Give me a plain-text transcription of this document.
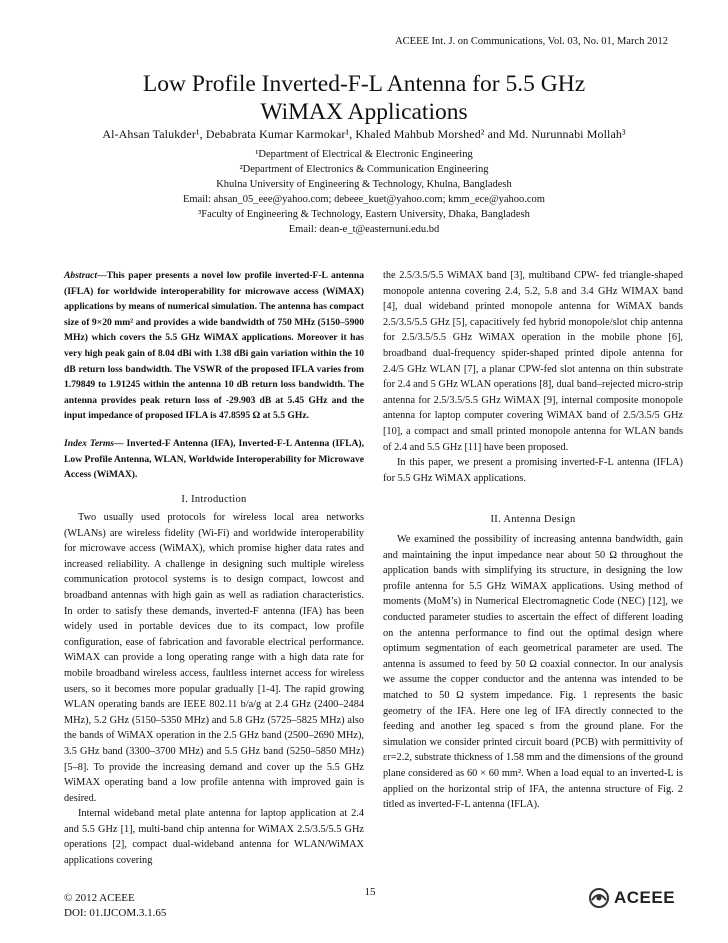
ACEEE Int. J. on Communications, Vol. 03, No. 01, March 2012
Low Profile Inverted-F-L Antenna for 5.5 GHz
WiMAX Applications
Al-Ahsan Talukder¹, Debabrata Kumar Karmokar¹, Khaled Mahbub Morshed² and Md. Nurunnabi Mollah³
¹Department of Electrical & Electronic Engineering
²Department of Electronics & Communication Engineering
Khulna University of Engineering & Technology, Khulna, Bangladesh
Email: ahsan_05_eee@yahoo.com; debeee_kuet@yahoo.com; kmm_ece@yahoo.com
³Faculty of Engineering & Technology, Eastern University, Dhaka, Bangladesh
Email: dean-e_t@easternuni.edu.bd
Abstract—This paper presents a novel low profile inverted-F-L antenna (IFLA) for worldwide interoperability for microwave access (WiMAX) applications by means of numerical simulation. The antenna has compact size of 9×20 mm² and provides a wide bandwidth of 750 MHz (5150–5900 MHz) which covers the 5.5 GHz WiMAX applications. Moreover it has very high peak gain of 8.04 dBi with 1.38 dBi gain variation within the 10 dB return loss bandwidth. The VSWR of the proposed IFLA varies from 1.79849 to 1.91245 within the antenna 10 dB return loss bandwidth. The antenna provides peak return loss of -29.903 dB at 5.45 GHz and the input impedance of proposed IFLA is 47.8595 Ω at 5.5 GHz.
Index Terms— Inverted-F Antenna (IFA), Inverted-F-L Antenna (IFLA), Low Profile Antenna, WLAN, Worldwide Interoperability for Microwave Access (WiMAX).
I. Introduction

Two usually used protocols for wireless local area networks (WLANs) are wireless fidelity (Wi-Fi) and worldwide interoperability for microwave access (WiMAX), which promise higher data rates and increased reliability. A challenge in designing such multiple wireless communication protocol systems is to design compact, lowcost and broadband antennas with high gain as well as radiation characteristics. In order to satisfy these demands, inverted-F antenna (IFA) has been widely used in portable devices due to its compact, low profile configuration, ease of fabrication and favorable electrical performance. WiMAX can provide a long operating range with a high data rate for mobile broadband wireless access, faultless internet access for wireless users, so it becomes more popular gradually [1-4]. The rapid growing WLAN operating bands are IEEE 802.11 b/a/g at 2.4 GHz (2400–2484 MHz), 5.2 GHz (5150–5350 MHz) and 5.8 GHz (5725–5825 MHz) also the bands of WiMAX operation in the 2.5 GHz band (2500–2690 MHz), 3.5 GHz band (3300–3700 MHz) and 5.5 GHz band (5250–5850 MHz) [5–8]. To provide the increasing demand and cover up the 5.5 GHz WiMAX operating band a low profile antenna with improved gain is desired.

Internal wideband metal plate antenna for laptop application at 2.4 and 5.5 GHz [1], multi-band chip antenna for WiMAX 2.5/3.5/5.5 GHz operations [2], compact dual-wideband antenna for WLAN/WiMAX applications covering

the 2.5/3.5/5.5 WiMAX band [3], multiband CPW- fed triangle-shaped monopole antenna covering 2.4, 5.2, 5.8 and 3.4 GHz WIMAX band [4], dual wideband printed monopole antenna for WiMAX bands 2.5/3.5/5.5 GHz [5], capacitively fed hybrid monopole/slot chip antenna for 2.5/3.5/5.5 GHz WiMAX operation in the mobile phone [6], broadband dual-frequency spider-shaped printed dipole antenna for 2.4/5 GHz WLAN [7], a planar CPW-fed slot antenna on thin substrate for 2.4 and 5 GHz WLAN operations [8], dual band–rejected micro-strip antenna for 2.5/3.5/5.5 GHz WiMAX [9], internal composite monopole antenna for laptop computer covering WiMAX band of 2.5/3.5/5 GHz [10], a compact and small printed monopole antenna for WLAN bands of 2.4 and 5.5 GHz [11] have been proposed.

In this paper, we present a promising inverted-F-L antenna (IFLA) for 5.5 GHz WiMAX applications.

II. Antenna Design

We examined the possibility of increasing antenna bandwidth, gain and maintaining the input impedance near about 50 Ω throughout the application bands with simplifying its structure, in designing the low profile antenna for 5.5 GHz WiMAX applications. Using method of moments (MoM’s) in Numerical Electromagnetic Code (NEC) [12], we conducted parameter studies to ascertain the effect of different loading on the antenna performance to find out the optimal design where optimum segmentation of each geometrical parameter are used. The antenna is assumed to feed by 50 Ω coaxial connector. In our analysis we assume the copper conductor and the antenna was intended to be matched to 50 Ω system impedance. Fig. 1 represents the basic geometry of the IFA. Here one leg of IFA directly connected to the feeding and another leg spaced s from the ground plane. For the simulation we consider printed circuit board (PCB) with permittivity of εr=2.2, substrate thickness of 1.58 mm and the dimensions of the ground plane considered as 60 × 60 mm². When a load equal to an inverted-L is applied on the horizontal strip of IFA, the antenna structure of Fig. 2 titled as inverted-F-L antenna (IFLA).

© 2012 ACEEE
DOI: 01.IJCOM.3.1.65
15	ACEEE
